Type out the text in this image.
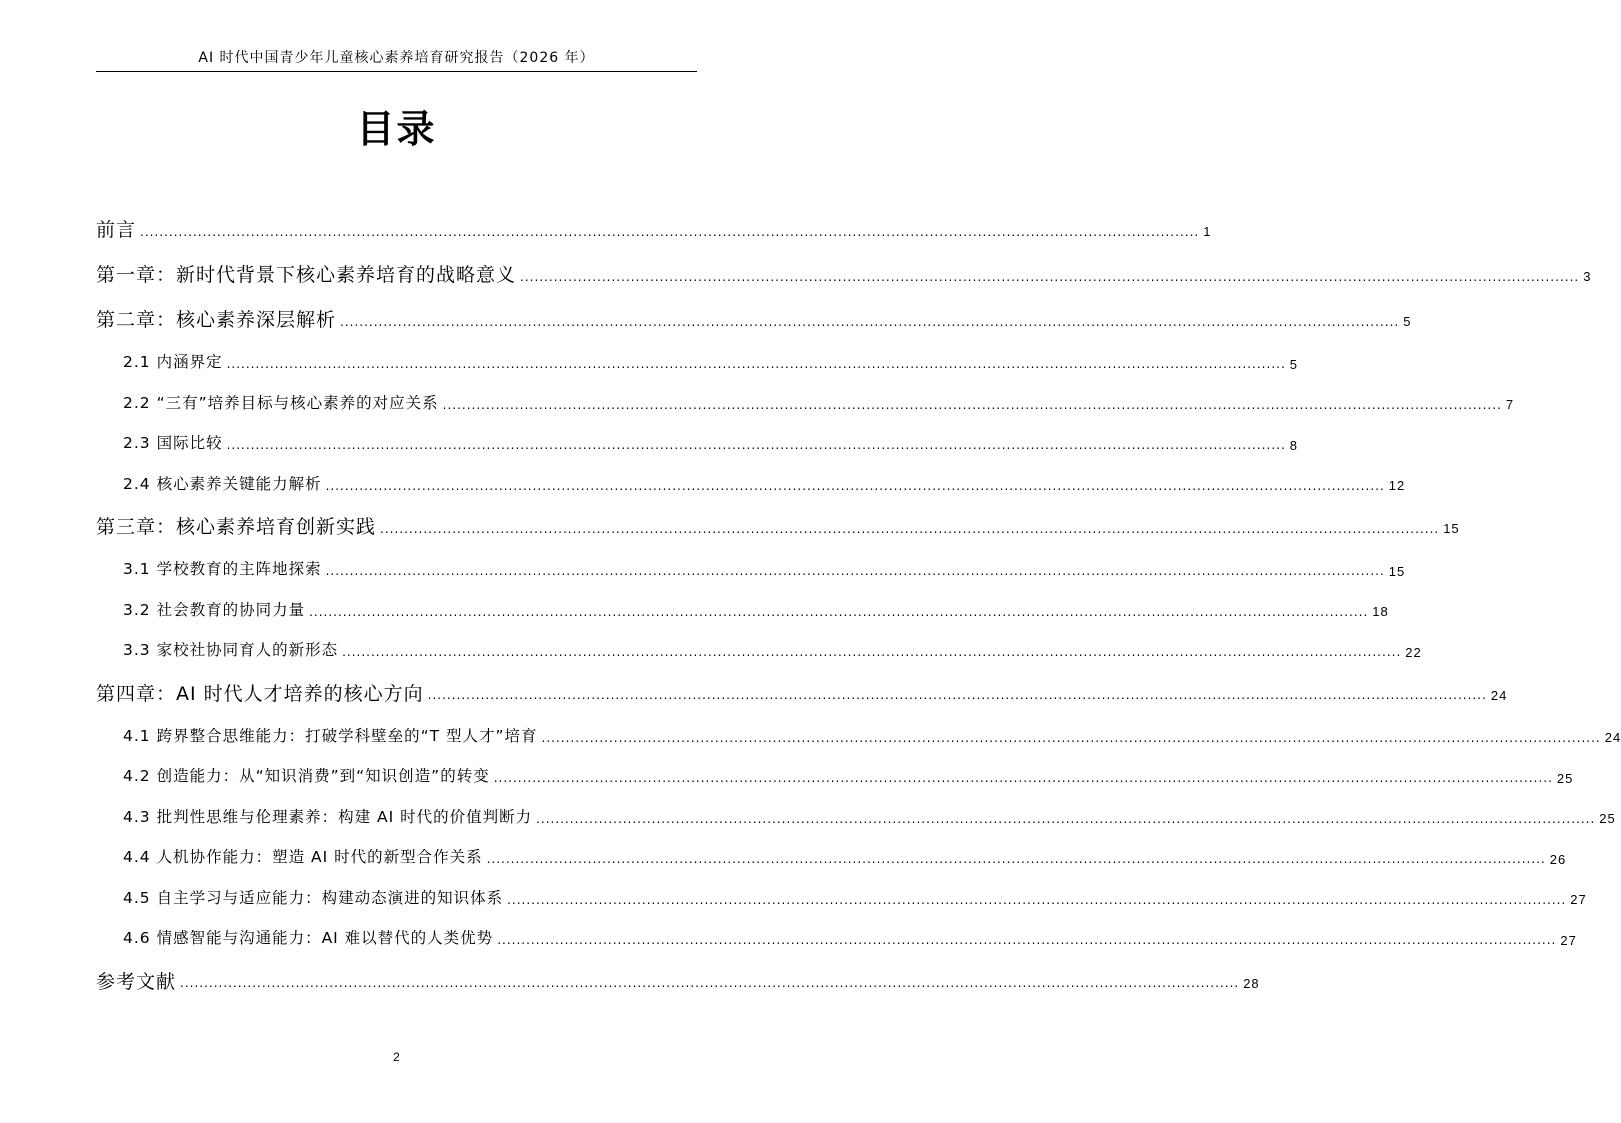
AI 时代中国青少年儿童核心素养培育研究报告（2026 年）
目录
前言 ............................................................................................................................................................................................................................ 1
第一章：新时代背景下核心素养培育的战略意义 ............................................................................................................................................................................................................................ 3
第二章：核心素养深层解析 ............................................................................................................................................................................................................................ 5
2.1 内涵界定 ............................................................................................................................................................................................................................ 5
2.2 “三有”培养目标与核心素养的对应关系 ............................................................................................................................................................................................................................ 7
2.3 国际比较 ............................................................................................................................................................................................................................ 8
2.4 核心素养关键能力解析 ............................................................................................................................................................................................................................ 12
第三章：核心素养培育创新实践 ............................................................................................................................................................................................................................ 15
3.1 学校教育的主阵地探索 ............................................................................................................................................................................................................................ 15
3.2 社会教育的协同力量 ............................................................................................................................................................................................................................ 18
3.3 家校社协同育人的新形态 ............................................................................................................................................................................................................................ 22
第四章：AI 时代人才培养的核心方向 ............................................................................................................................................................................................................................ 24
4.1 跨界整合思维能力：打破学科壁垒的“T 型人才”培育 ............................................................................................................................................................................................................................ 24
4.2 创造能力：从“知识消费”到“知识创造”的转变 ............................................................................................................................................................................................................................ 25
4.3 批判性思维与伦理素养：构建 AI 时代的价值判断力 ............................................................................................................................................................................................................................ 25
4.4 人机协作能力：塑造 AI 时代的新型合作关系 ............................................................................................................................................................................................................................ 26
4.5 自主学习与适应能力：构建动态演进的知识体系 ............................................................................................................................................................................................................................ 27
4.6 情感智能与沟通能力：AI 难以替代的人类优势 ............................................................................................................................................................................................................................ 27
参考文献 ............................................................................................................................................................................................................................ 28
2
